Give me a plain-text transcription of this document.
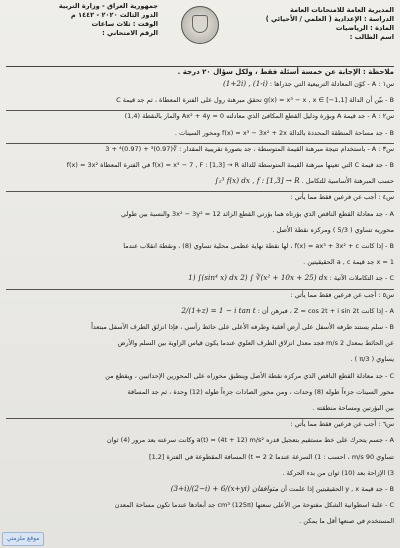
المديرية العامة للامتحانات العامة
الدراسة : الإعدادية ( العلمي / الأحيائي )
المادة : الرياضيات
اسم الطالب :
جمهورية العراق - وزارة التربية
الدور الثالث ٢٠٢٠ - ١٤٤٢ م
الوقت : ثلاث ساعات
الرقم الامتحاني :
ملاحظة : الإجابة عن خمسة أسئلة فقط ، ولكل سؤال ٢٠ درجة .
س١ : A - كوّن المعادلة التربيعية التي جذراها : (1+2i) , (1-i)
B - بيّن أن الدالة g(x) = x³ − x , x ∈ [−1,1] تحقق مبرهنة رول على الفترة المعطاة ، ثم جد قيمة C
س٢ : A - جد قيمة A وبؤرة ودليل القطع المكافئ الذي معادلته Ax² + 4y = 0 والمار بالنقطة (1,4)
B - جد مساحة المنطقة المحددة بالدالة f(x) = x³ − 3x² + 2x ومحور السينات .
س٣ : A - باستخدام نتيجة مبرهنة القيمة المتوسطة ، جد بصورة تقريبية المقدار : ∛(0.97)³ + (0.97)⁴ + 3
B - جد قيمة C التي تعينها مبرهنة القيمة المتوسطة للدالة f(x) = x³ − 7 , F : [1,3] → R في الفترة المعطاة f(x) = 3x²
حسب المبرهنة الأساسية للتكامل . ∫₁³ f(x) dx , f : [1,3] → R
س٤ : أجب عن فرعين فقط مما يأتي :
A - جد معادلة القطع الناقص الذي بؤرتاه هما بؤرتي القطع الزائد 3x² − 3y² = 12 والنسبة بين طولي
محوريه تساوي ( 5/3 ) ومركزه نقطة الأصل .
B - إذا كانت f(x) = ax³ + 3x² + c ، لها نقطة نهاية عظمى محلية تساوي (8) ، ونقطة انقلاب عندما
x = 1 جد قيمة a , c الحقيقيتين .
C - جد التكاملات الآتية : 1) ∫(sin⁴ x) dx 2) ∫ ∛(x² + 10x + 25) dx
س٥ : أجب عن فرعين فقط مما يأتي :
A - إذا كانت Z = cos 2t + i sin 2t ، فبرهن أن : 2/(1+z) = 1 − i tan t
B - سلم يستند طرفه الأسفل على أرض أفقية وطرفه الأعلى على حائط رأسي ، فإذا انزلق الطرف الأسفل مبتعداً
عن الحائط بمعدل 2 m/s فجد معدل انزلاق الطرف العلوي عندما يكون قياس الزاوية بين السلم والأرض
يساوي ( π/3 ) .
C - جد معادلة القطع الناقص الذي مركزه نقطة الأصل وينطبق محوراه على المحورين الإحداثيين ، ويقطع من
محور السينات جزءاً طوله (8) وحدات ، ومن محور الصادات جزءاً طوله (12) وحدة ، ثم جد المسافة
بين البؤرتين ومساحة منطقته .
س٦ : أجب عن فرعين فقط مما يأتي :
A - جسم يتحرك على خط مستقيم بتعجيل قدره a(t) = (4t + 12) m/s² وكانت سرعته بعد مرور (4) ثوان
تساوي 90 m/s ، احسب : 1) السرعة عندما t = 2 2) المسافة المقطوعة في الفترة [1,2]
3) الإزاحة بعد (10) ثوان من بدء الحركة .
B - جد قيمة y , x الحقيقيتين إذا علمت أن (3+i)/(2−i) + 6/(x+yi) متوافقان
C - علبة اسطوانية الشكل مفتوحة من الأعلى سعتها (125π) cm³ جد أبعادها عندما تكون مساحة المعدن
المستخدم في صنعها أقل ما يمكن .
موقع ملزمتي
